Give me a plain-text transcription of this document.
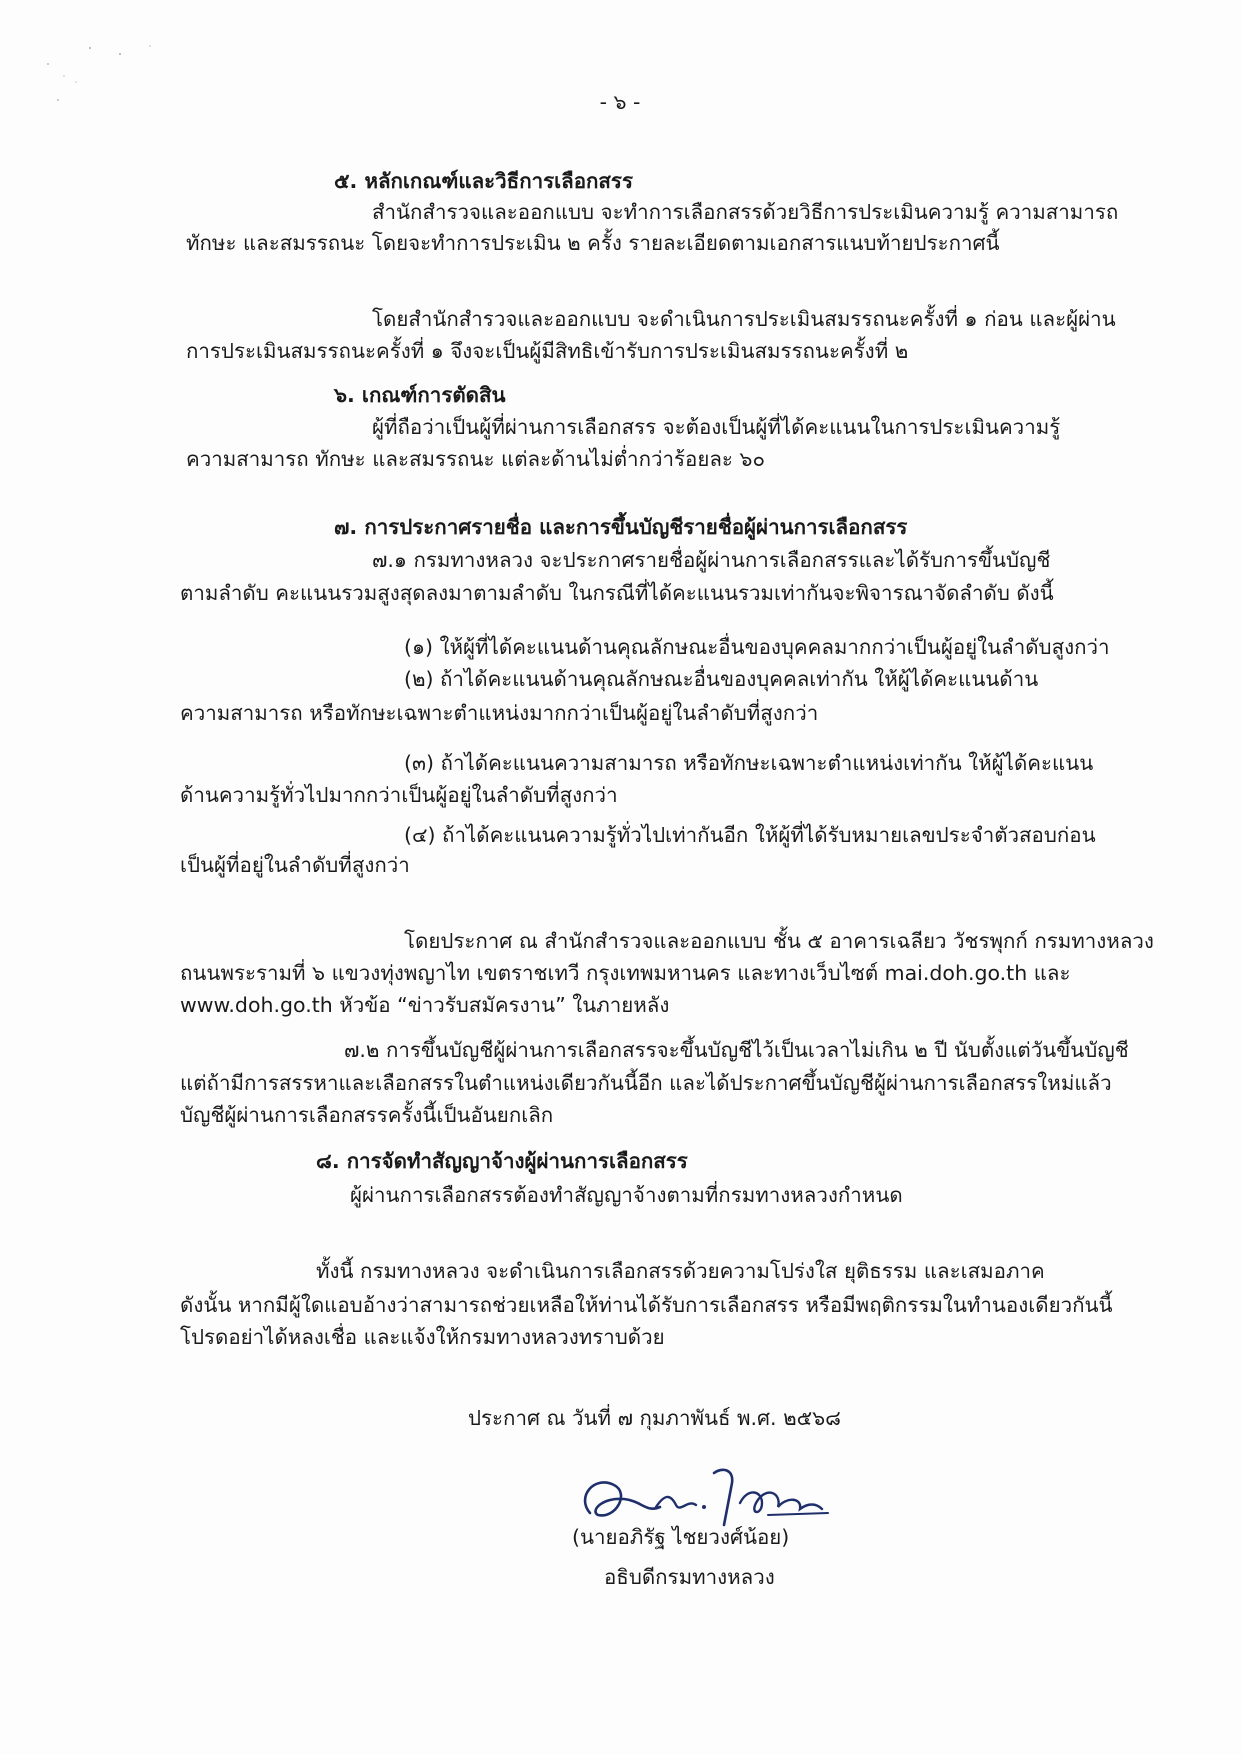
- ๖ -
๕. หลักเกณฑ์และวิธีการเลือกสรร
สำนักสำรวจและออกแบบ จะทำการเลือกสรรด้วยวิธีการประเมินความรู้ ความสามารถ
ทักษะ และสมรรถนะ โดยจะทำการประเมิน ๒ ครั้ง รายละเอียดตามเอกสารแนบท้ายประกาศนี้
โดยสำนักสำรวจและออกแบบ จะดำเนินการประเมินสมรรถนะครั้งที่ ๑ ก่อน และผู้ผ่าน
การประเมินสมรรถนะครั้งที่ ๑ จึงจะเป็นผู้มีสิทธิเข้ารับการประเมินสมรรถนะครั้งที่ ๒
๖. เกณฑ์การตัดสิน
ผู้ที่ถือว่าเป็นผู้ที่ผ่านการเลือกสรร จะต้องเป็นผู้ที่ได้คะแนนในการประเมินความรู้
ความสามารถ ทักษะ และสมรรถนะ แต่ละด้านไม่ต่ำกว่าร้อยละ ๖๐
๗. การประกาศรายชื่อ และการขึ้นบัญชีรายชื่อผู้ผ่านการเลือกสรร
๗.๑ กรมทางหลวง จะประกาศรายชื่อผู้ผ่านการเลือกสรรและได้รับการขึ้นบัญชี
ตามลำดับ คะแนนรวมสูงสุดลงมาตามลำดับ ในกรณีที่ได้คะแนนรวมเท่ากันจะพิจารณาจัดลำดับ ดังนี้
(๑) ให้ผู้ที่ได้คะแนนด้านคุณลักษณะอื่นของบุคคลมากกว่าเป็นผู้อยู่ในลำดับสูงกว่า
(๒) ถ้าได้คะแนนด้านคุณลักษณะอื่นของบุคคลเท่ากัน ให้ผู้ได้คะแนนด้าน
ความสามารถ หรือทักษะเฉพาะตำแหน่งมากกว่าเป็นผู้อยู่ในลำดับที่สูงกว่า
(๓) ถ้าได้คะแนนความสามารถ หรือทักษะเฉพาะตำแหน่งเท่ากัน ให้ผู้ได้คะแนน
ด้านความรู้ทั่วไปมากกว่าเป็นผู้อยู่ในลำดับที่สูงกว่า
(๔) ถ้าได้คะแนนความรู้ทั่วไปเท่ากันอีก ให้ผู้ที่ได้รับหมายเลขประจำตัวสอบก่อน
เป็นผู้ที่อยู่ในลำดับที่สูงกว่า
โดยประกาศ ณ สำนักสำรวจและออกแบบ ชั้น ๕ อาคารเฉลียว วัชรพุกก์ กรมทางหลวง
ถนนพระรามที่ ๖ แขวงทุ่งพญาไท เขตราชเทวี กรุงเทพมหานคร และทางเว็บไซต์ mai.doh.go.th และ
www.doh.go.th หัวข้อ “ข่าวรับสมัครงาน” ในภายหลัง
๗.๒ การขึ้นบัญชีผู้ผ่านการเลือกสรรจะขึ้นบัญชีไว้เป็นเวลาไม่เกิน ๒ ปี นับตั้งแต่วันขึ้นบัญชี
แต่ถ้ามีการสรรหาและเลือกสรรในตำแหน่งเดียวกันนี้อีก และได้ประกาศขึ้นบัญชีผู้ผ่านการเลือกสรรใหม่แล้ว
บัญชีผู้ผ่านการเลือกสรรครั้งนี้เป็นอันยกเลิก
๘. การจัดทำสัญญาจ้างผู้ผ่านการเลือกสรร
ผู้ผ่านการเลือกสรรต้องทำสัญญาจ้างตามที่กรมทางหลวงกำหนด
ทั้งนี้ กรมทางหลวง จะดำเนินการเลือกสรรด้วยความโปร่งใส ยุติธรรม และเสมอภาค
ดังนั้น หากมีผู้ใดแอบอ้างว่าสามารถช่วยเหลือให้ท่านได้รับการเลือกสรร หรือมีพฤติกรรมในทำนองเดียวกันนี้
โปรดอย่าได้หลงเชื่อ และแจ้งให้กรมทางหลวงทราบด้วย
ประกาศ ณ วันที่ ๗ กุมภาพันธ์ พ.ศ. ๒๕๖๘
(นายอภิรัฐ ไชยวงศ์น้อย)
อธิบดีกรมทางหลวง
